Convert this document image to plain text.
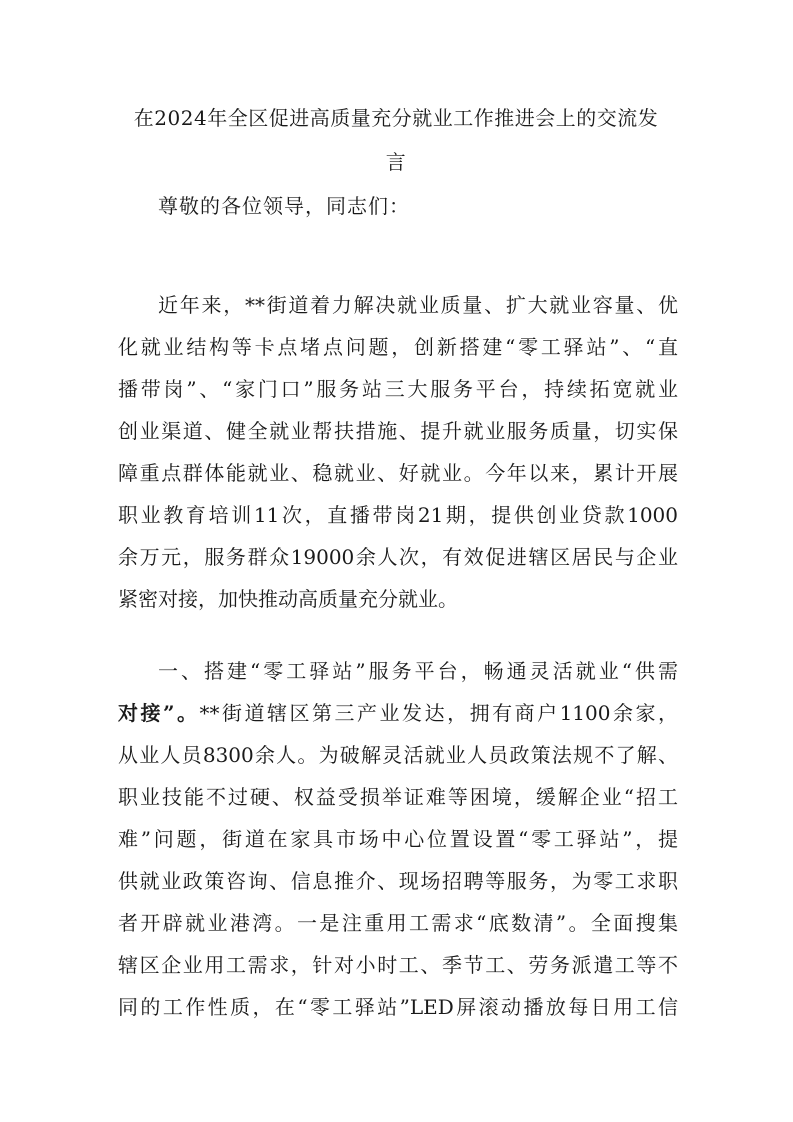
在2024年全区促进高质量充分就业工作推进会上的交流发
言
尊敬的各位领导，同志们：
近年来，**街道着力解决就业质量、扩大就业容量、优
化就业结构等卡点堵点问题，创新搭建“零工驿站”、“直
播带岗”、“家门口”服务站三大服务平台，持续拓宽就业
创业渠道、健全就业帮扶措施、提升就业服务质量，切实保
障重点群体能就业、稳就业、好就业。今年以来，累计开展
职业教育培训11次，直播带岗21期，提供创业贷款1000
余万元，服务群众19000余人次，有效促进辖区居民与企业
紧密对接，加快推动高质量充分就业。
一、搭建“零工驿站”服务平台，畅通灵活就业“供需
对接”。**街道辖区第三产业发达，拥有商户1100余家，
从业人员8300余人。为破解灵活就业人员政策法规不了解、
职业技能不过硬、权益受损举证难等困境，缓解企业“招工
难”问题，街道在家具市场中心位置设置“零工驿站”，提
供就业政策咨询、信息推介、现场招聘等服务，为零工求职
者开辟就业港湾。一是注重用工需求“底数清”。全面搜集
辖区企业用工需求，针对小时工、季节工、劳务派遣工等不
同的工作性质，在“零工驿站”LED屏滚动播放每日用工信
